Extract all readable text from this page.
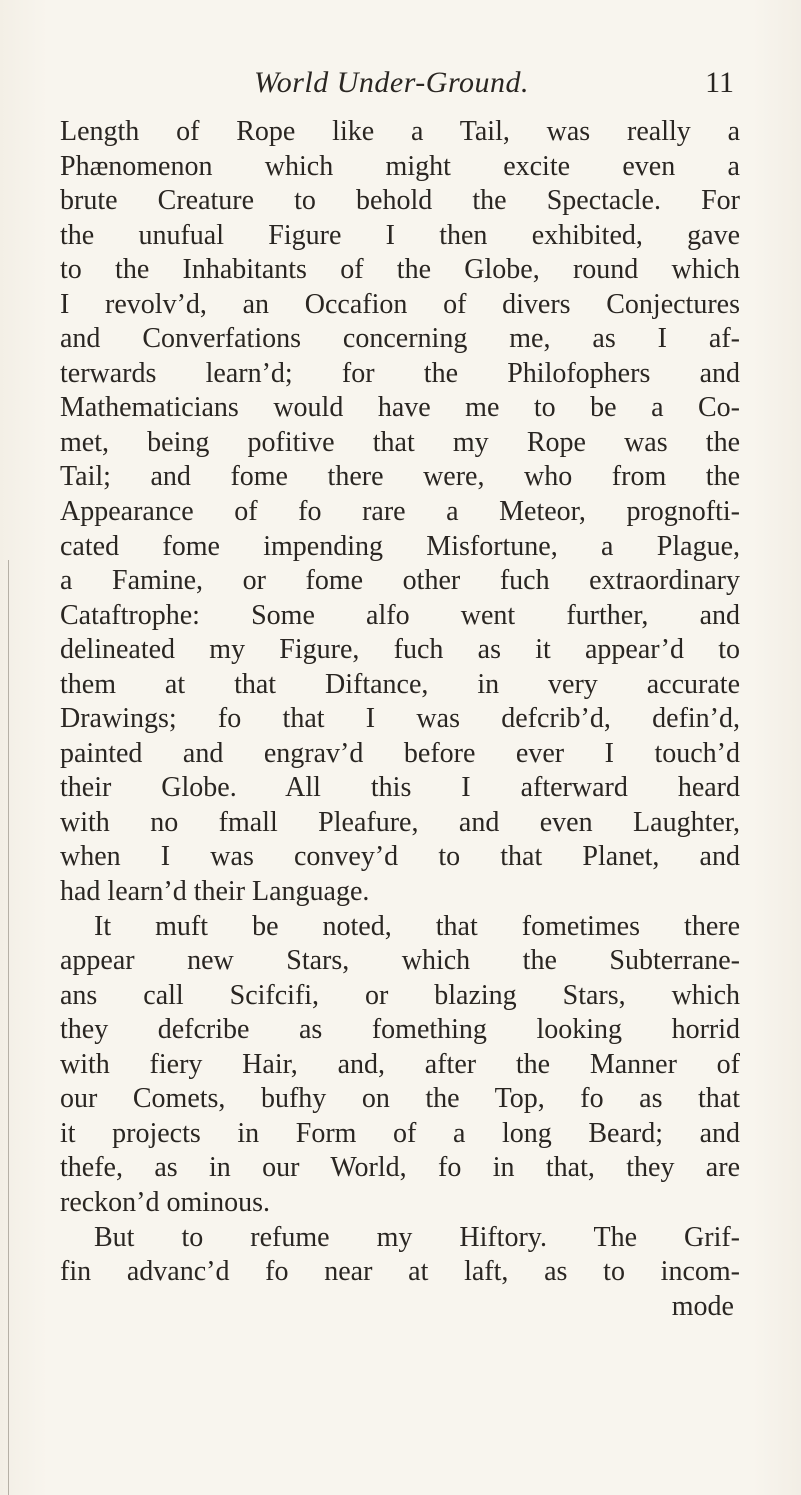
World Under-Ground.	11
Length of Rope like a Tail, was really a
Phænomenon which might excite even a
brute Creature to behold the Spectacle. For
the unufual Figure I then exhibited, gave
to the Inhabitants of the Globe, round which
I revolv’d, an Occafion of divers Conjectures
and Converfations concerning me, as I af-
terwards learn’d; for the Philofophers and
Mathematicians would have me to be a Co-
met, being pofitive that my Rope was the
Tail; and fome there were, who from the
Appearance of fo rare a Meteor, prognofti-
cated fome impending Misfortune, a Plague,
a Famine, or fome other fuch extraordinary
Cataftrophe: Some alfo went further, and
delineated my Figure, fuch as it appear’d to
them at that Diftance, in very accurate
Drawings; fo that I was defcrib’d, defin’d,
painted and engrav’d before ever I touch’d
their Globe. All this I afterward heard
with no fmall Pleafure, and even Laughter,
when I was convey’d to that Planet, and
had learn’d their Language.
It muft be noted, that fometimes there
appear new Stars, which the Subterrane-
ans call Scifcifi, or blazing Stars, which
they defcribe as fomething looking horrid
with fiery Hair, and, after the Manner of
our Comets, bufhy on the Top, fo as that
it projects in Form of a long Beard; and
thefe, as in our World, fo in that, they are
reckon’d ominous.
But to refume my Hiftory. The Grif-
fin advanc’d fo near at laft, as to incom-
mode
